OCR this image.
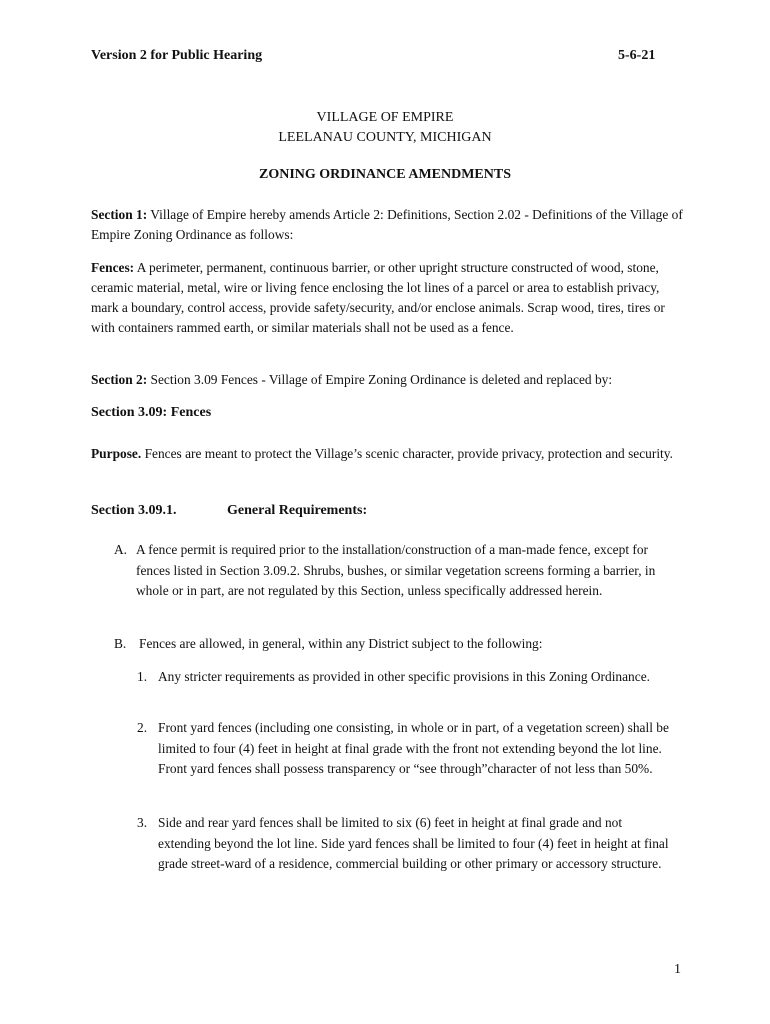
Version 2 for Public Hearing	5-6-21
VILLAGE OF EMPIRE
LEELANAU COUNTY, MICHIGAN
ZONING ORDINANCE AMENDMENTS
Section 1: Village of Empire hereby amends Article 2: Definitions, Section 2.02 - Definitions of the Village of Empire Zoning Ordinance as follows:
Fences: A perimeter, permanent, continuous barrier, or other upright structure constructed of wood, stone, ceramic material, metal, wire or living fence enclosing the lot lines of a parcel or area to establish privacy, mark a boundary, control access, provide safety/security, and/or enclose animals. Scrap wood, tires, tires or with containers rammed earth, or similar materials shall not be used as a fence.
Section 2: Section 3.09 Fences - Village of Empire Zoning Ordinance is deleted and replaced by:
Section 3.09: Fences
Purpose. Fences are meant to protect the Village’s scenic character, provide privacy, protection and security.
Section 3.09.1.	General Requirements:
A. A fence permit is required prior to the installation/construction of a man-made fence, except for fences listed in Section 3.09.2. Shrubs, bushes, or similar vegetation screens forming a barrier, in whole or in part, are not regulated by this Section, unless specifically addressed herein.
B. Fences are allowed, in general, within any District subject to the following:
1. Any stricter requirements as provided in other specific provisions in this Zoning Ordinance.
2. Front yard fences (including one consisting, in whole or in part, of a vegetation screen) shall be limited to four (4) feet in height at final grade with the front not extending beyond the lot line. Front yard fences shall possess transparency or “see through”character of not less than 50%.
3. Side and rear yard fences shall be limited to six (6) feet in height at final grade and not extending beyond the lot line. Side yard fences shall be limited to four (4) feet in height at final grade street-ward of a residence, commercial building or other primary or accessory structure.
1
